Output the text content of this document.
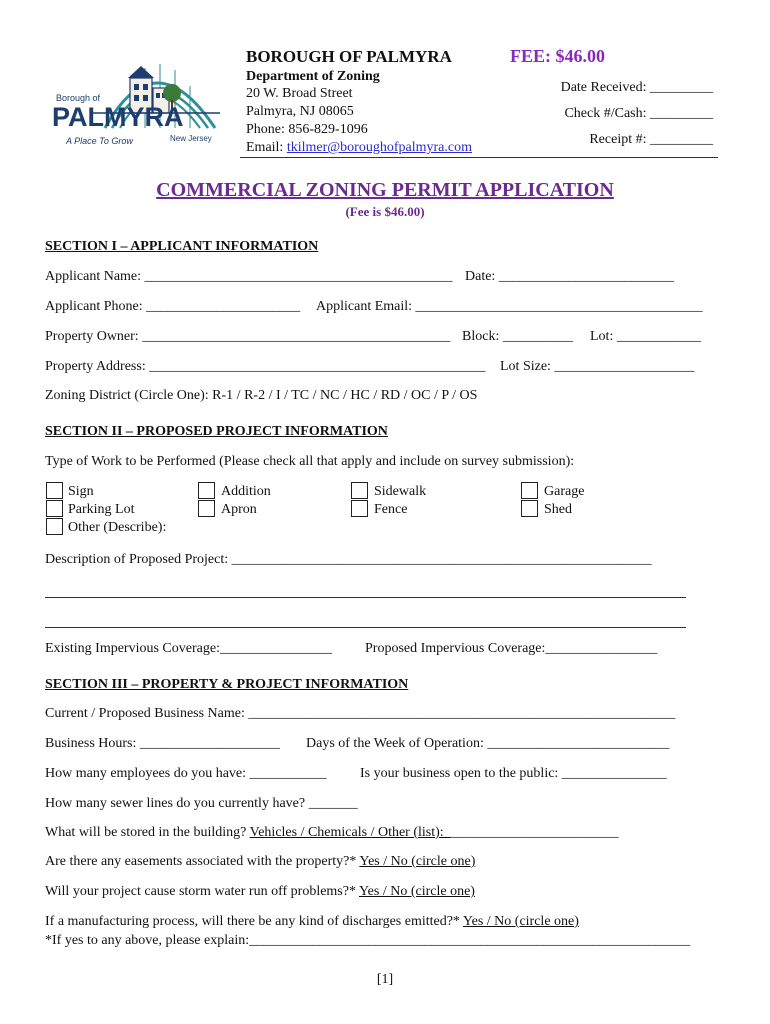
Borough of
PALMYRA
A Place To Grow	New Jersey
BOROUGH OF PALMYRA	FEE: $46.00
Department of Zoning
20 W. Broad Street
Palmyra, NJ 08065
Phone: 856-829-1096
Email: tkilmer@boroughofpalmyra.com
Date Received: _________
Check #/Cash: _________
Receipt #: _________
COMMERCIAL ZONING PERMIT APPLICATION
(Fee is $46.00)
SECTION I – APPLICANT INFORMATION
Applicant Name: ____________________________________________ Date: _________________________
Applicant Phone: ______________________ Applicant Email: _________________________________________
Property Owner: ____________________________________________ Block: __________ Lot: ____________
Property Address: ________________________________________________ Lot Size: ____________________
Zoning District (Circle One): R-1 / R-2 / I / TC / NC / HC / RD / OC / P / OS
SECTION II – PROPOSED PROJECT INFORMATION
Type of Work to be Performed (Please check all that apply and include on survey submission):
Sign
Parking Lot
Other (Describe):
Addition
Apron
Sidewalk
Fence
Garage
Shed
Description of Proposed Project: ____________________________________________________________
Existing Impervious Coverage:________________ Proposed Impervious Coverage:________________
SECTION III – PROPERTY & PROJECT INFORMATION
Current / Proposed Business Name: _____________________________________________________________
Business Hours: ____________________ Days of the Week of Operation: __________________________
How many employees do you have: ___________ Is your business open to the public: _______________
How many sewer lines do you currently have? _______
What will be stored in the building? Vehicles / Chemicals / Other (list):_________________________
Are there any easements associated with the property?* Yes / No (circle one)
Will your project cause storm water run off problems?* Yes / No (circle one)
If a manufacturing process, will there be any kind of discharges emitted?* Yes / No (circle one)
*If yes to any above, please explain:_______________________________________________________________
[1]
